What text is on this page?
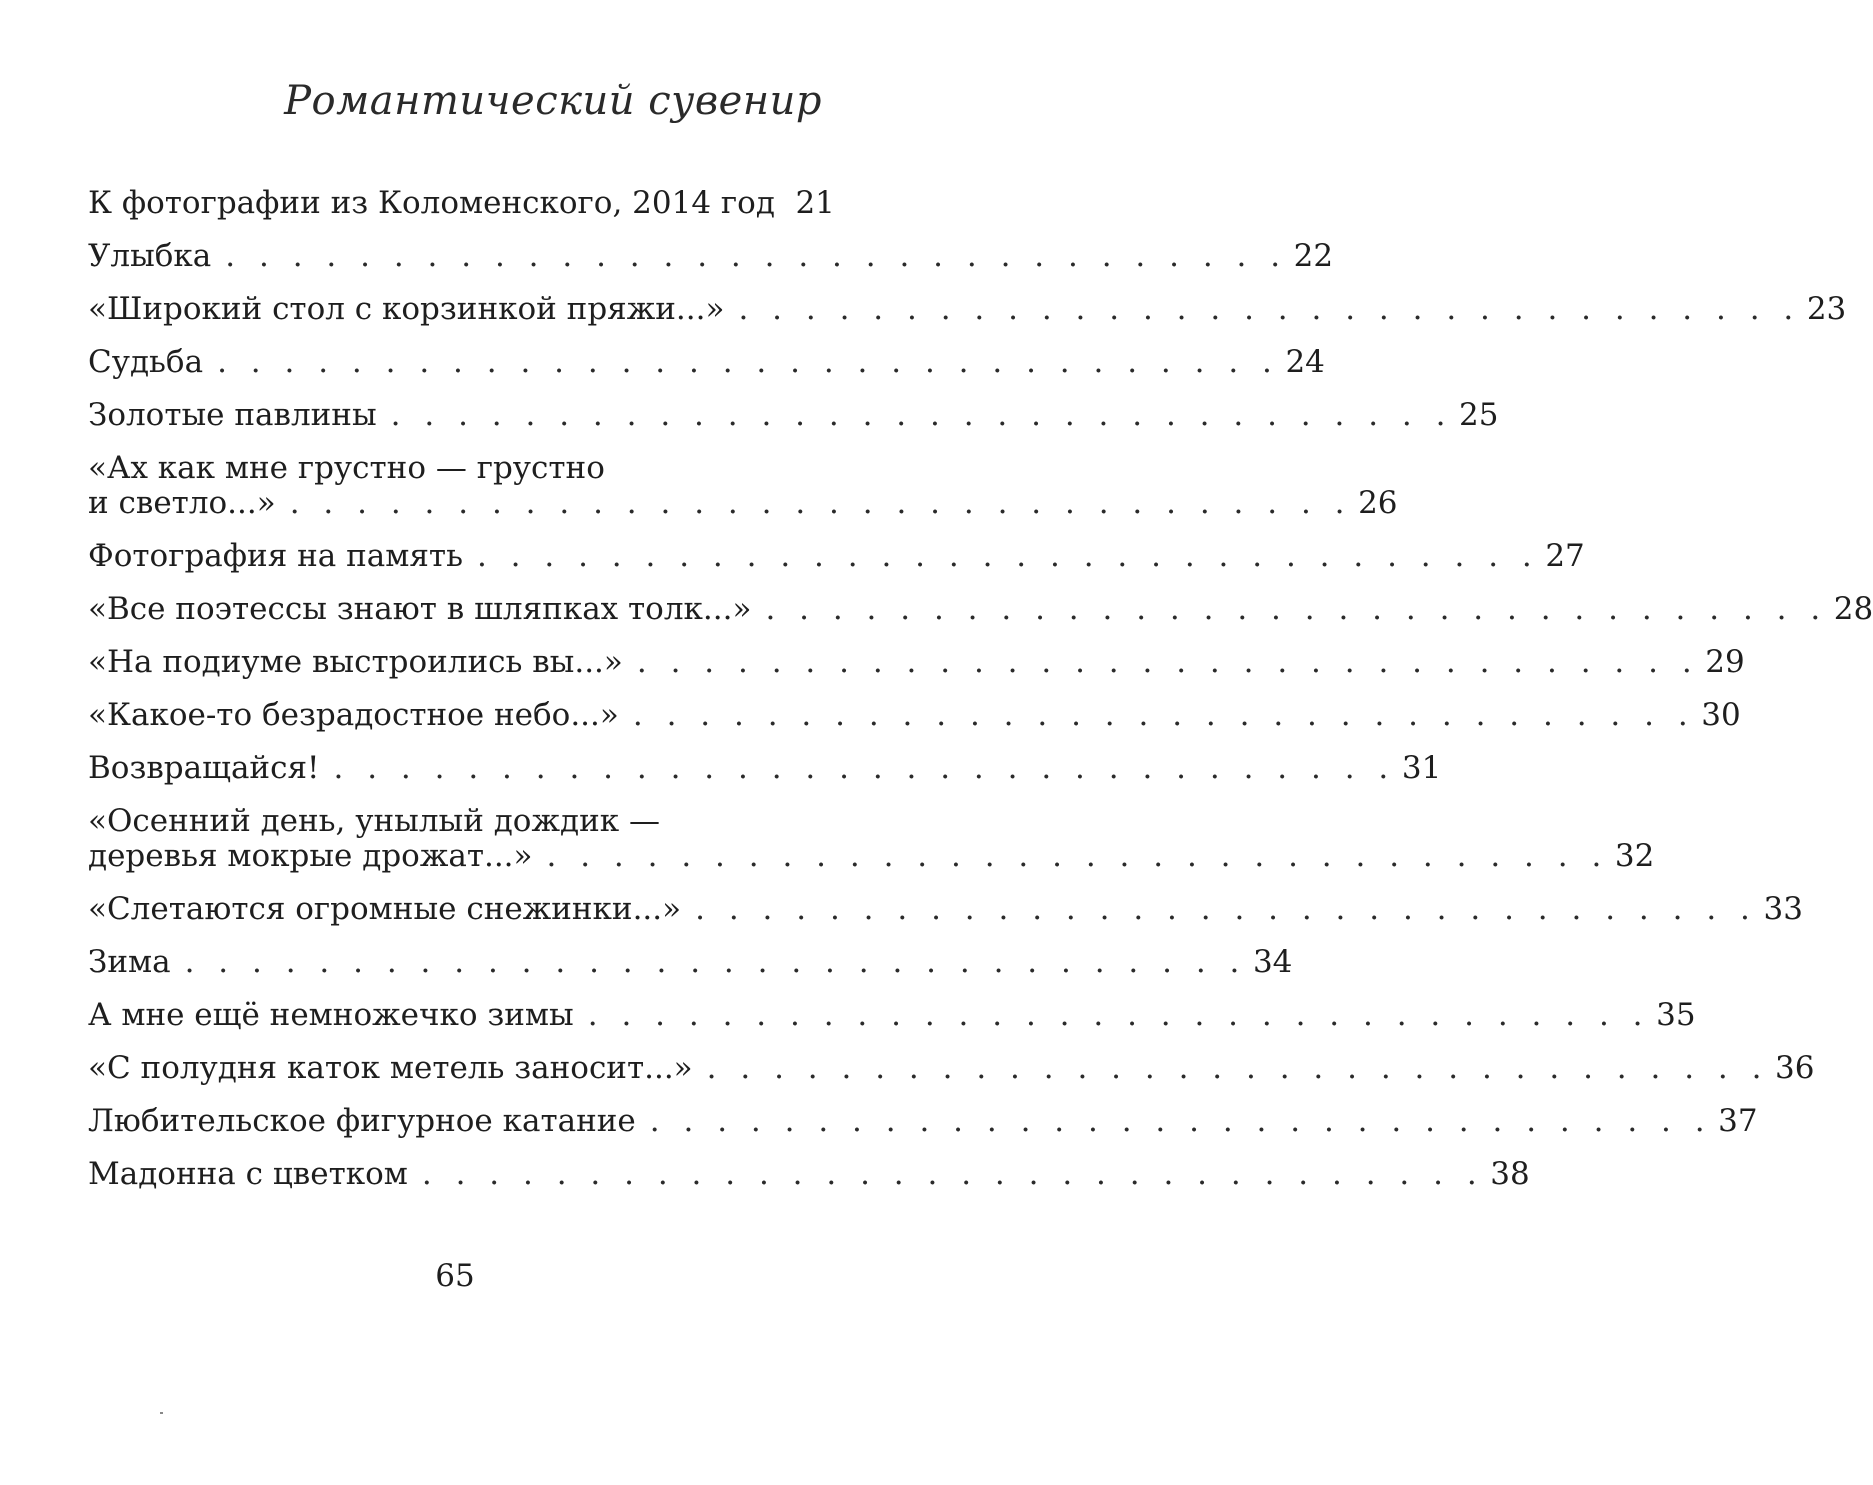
Романтический сувенир
К фотографии из Коломенского, 2014 год 21
Улыбка . . . . . . . . . . . . . . . . . . . . . . . . . . . . . . . . 22
«Широкий стол с корзинкой пряжи...» . . . . . . . . . . . . . . . . . . . . . . . . . . . . . . . . 23
Судьба . . . . . . . . . . . . . . . . . . . . . . . . . . . . . . . . 24
Золотые павлины . . . . . . . . . . . . . . . . . . . . . . . . . . . . . . . . 25
«Ах как мне грустно — грустно
и светло...» . . . . . . . . . . . . . . . . . . . . . . . . . . . . . . . . 26
Фотография на память . . . . . . . . . . . . . . . . . . . . . . . . . . . . . . . . 27
«Все поэтессы знают в шляпках толк...» . . . . . . . . . . . . . . . . . . . . . . . . . . . . . . . . 28
«На подиуме выстроились вы...» . . . . . . . . . . . . . . . . . . . . . . . . . . . . . . . . 29
«Какое-то безрадостное небо...» . . . . . . . . . . . . . . . . . . . . . . . . . . . . . . . . 30
Возвращайся! . . . . . . . . . . . . . . . . . . . . . . . . . . . . . . . . 31
«Осенний день, унылый дождик —
деревья мокрые дрожат...» . . . . . . . . . . . . . . . . . . . . . . . . . . . . . . . . 32
«Слетаются огромные снежинки...» . . . . . . . . . . . . . . . . . . . . . . . . . . . . . . . . 33
Зима . . . . . . . . . . . . . . . . . . . . . . . . . . . . . . . . 34
А мне ещё немножечко зимы . . . . . . . . . . . . . . . . . . . . . . . . . . . . . . . . 35
«С полудня каток метель заносит...» . . . . . . . . . . . . . . . . . . . . . . . . . . . . . . . . 36
Любительское фигурное катание . . . . . . . . . . . . . . . . . . . . . . . . . . . . . . . . 37
Мадонна с цветком . . . . . . . . . . . . . . . . . . . . . . . . . . . . . . . . 38
65
